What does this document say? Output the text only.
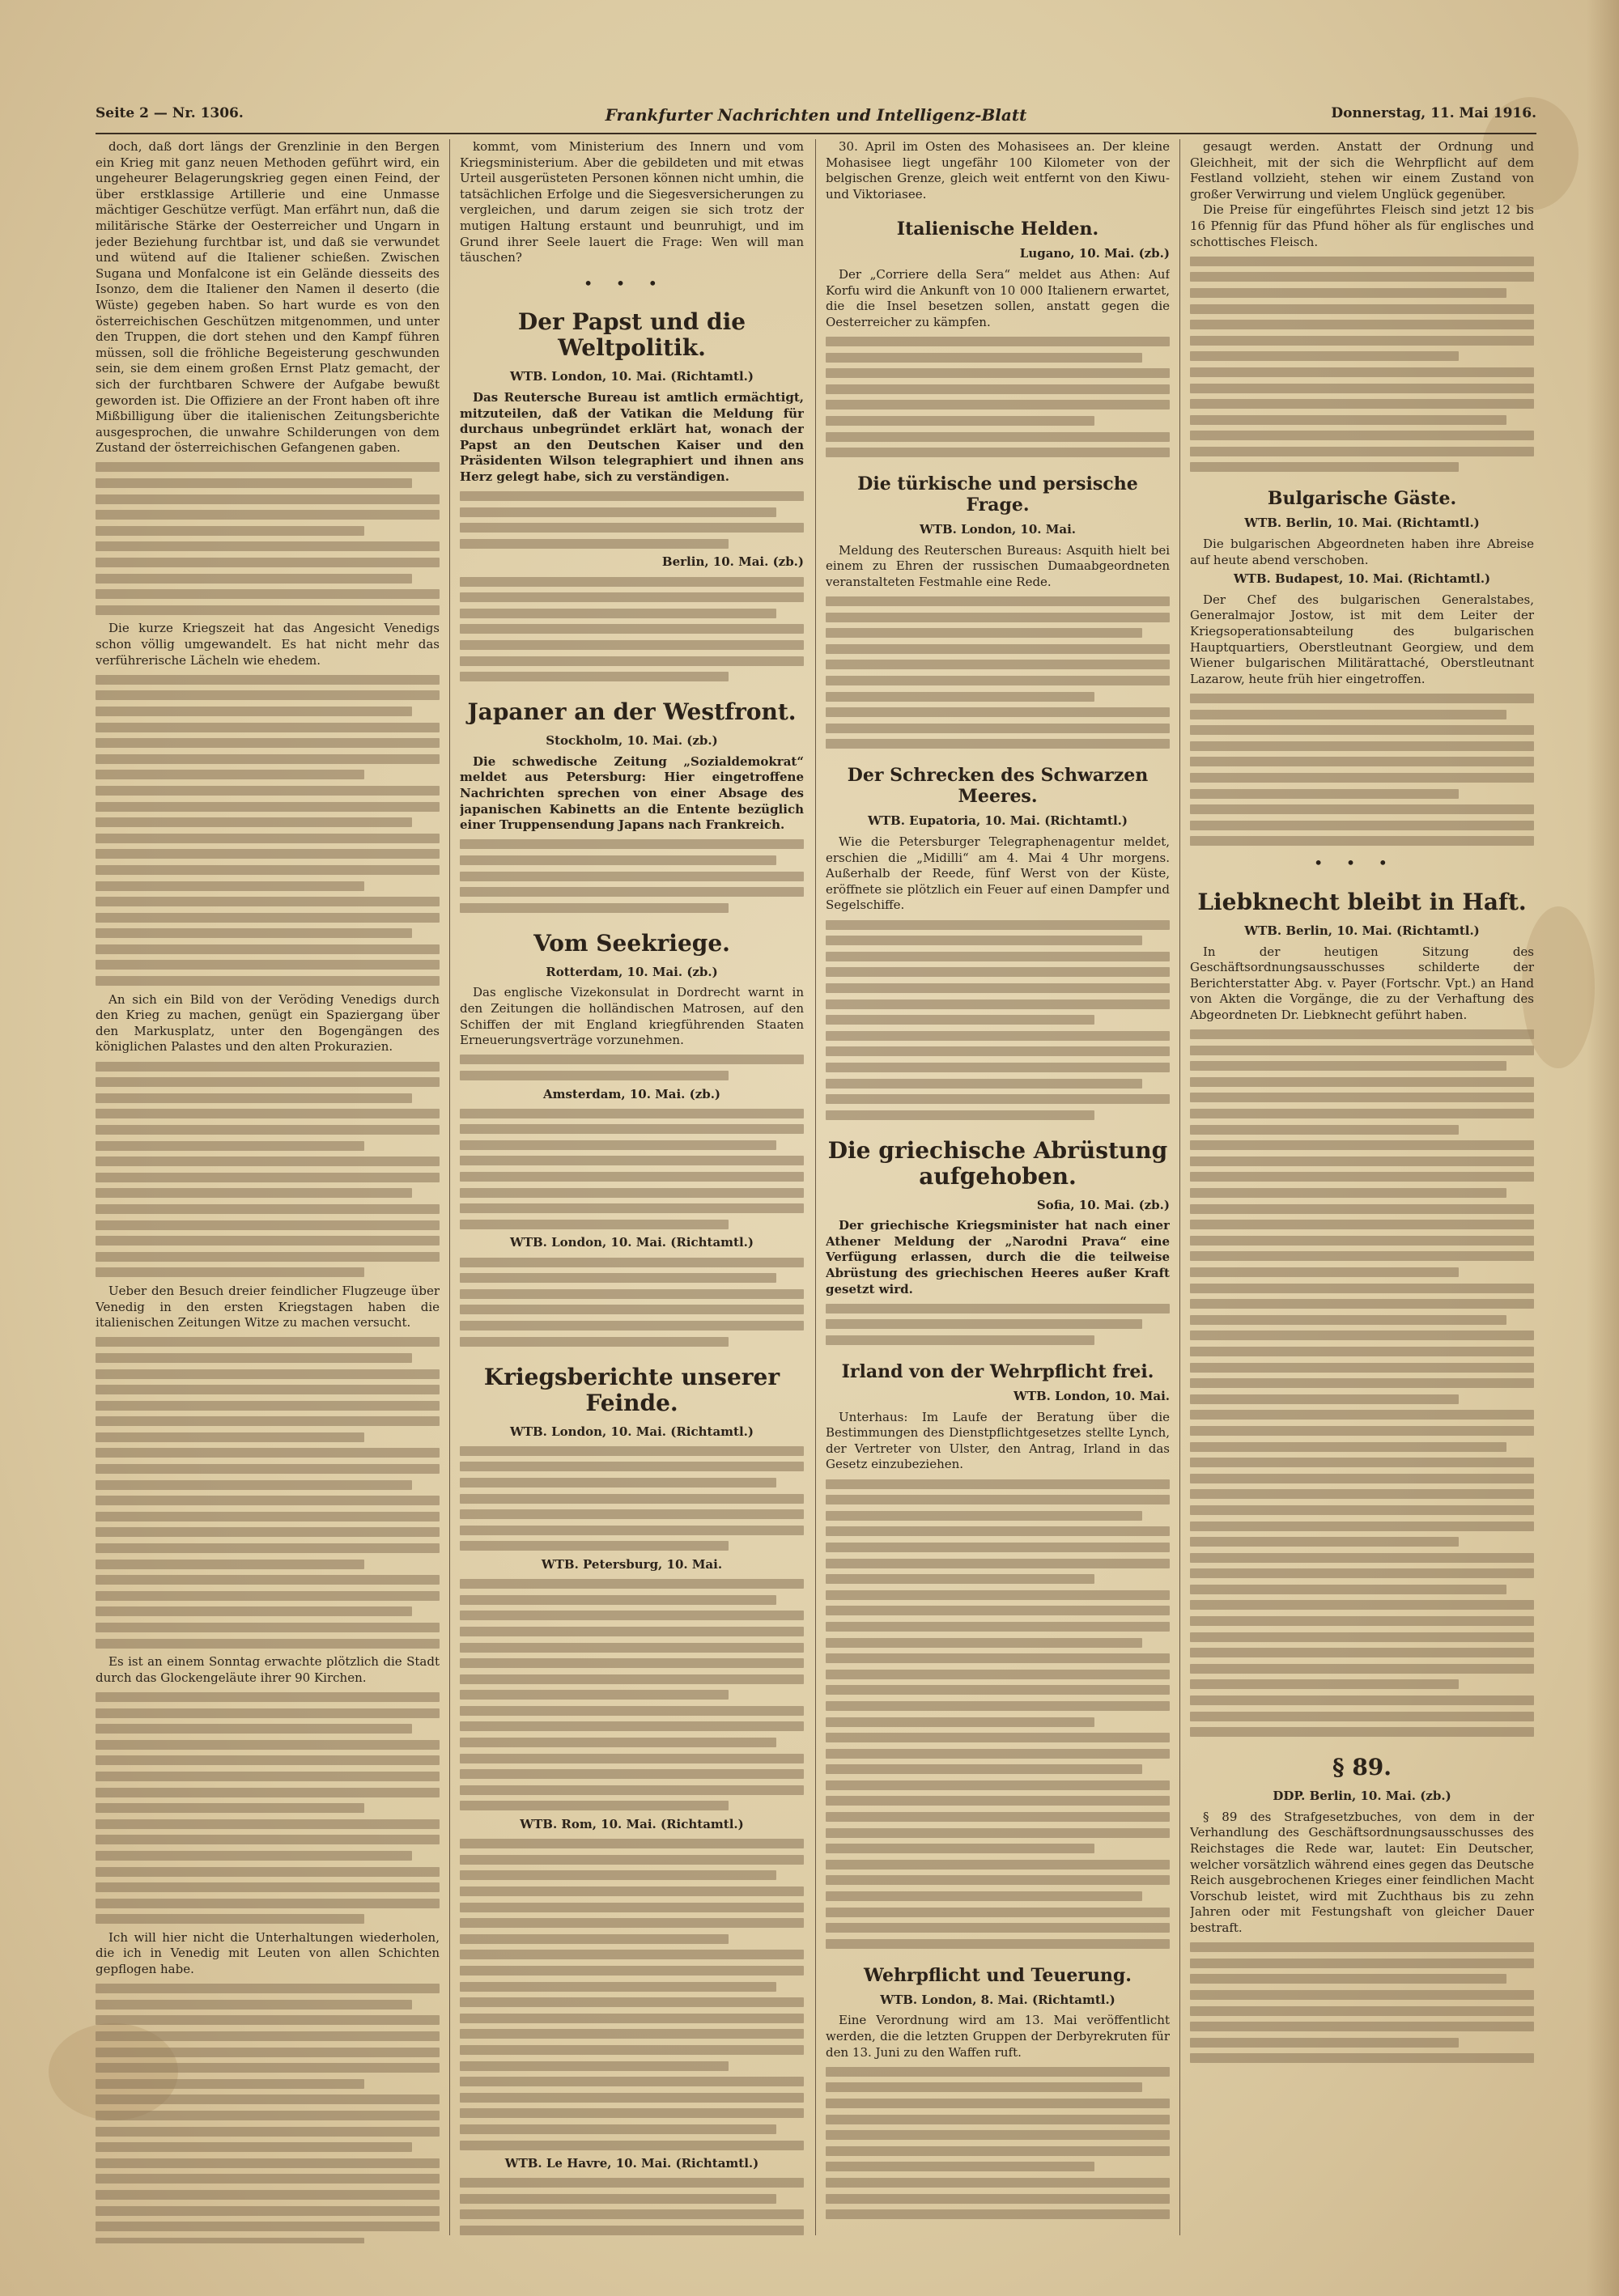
Seite 2 — Nr. 1306.	Frankfurter Nachrichten und Intelligenz-Blatt	Donnerstag, 11. Mai 1916.

doch, daß dort längs der Grenzlinie in den Bergen ein Krieg mit ganz neuen Methoden geführt wird, ein ungeheurer Belagerungskrieg gegen einen Feind, der über erstklassige Artillerie und eine Unmasse mächtiger Geschütze verfügt. Man erfährt nun, daß die militärische Stärke der Oesterreicher und Ungarn in jeder Beziehung furchtbar ist, und daß sie verwundet und wütend auf die Italiener schießen. Zwischen Sugana und Monfalcone ist ein Gelände diesseits des Isonzo, dem die Italiener den Namen il deserto (die Wüste) gegeben haben. So hart wurde es von den österreichischen Geschützen mitgenommen, und unter den Truppen, die dort stehen und den Kampf führen müssen, soll die fröhliche Begeisterung geschwunden sein, sie dem einem großen Ernst Platz gemacht, der sich der furchtbaren Schwere der Aufgabe bewußt geworden ist. Die Offiziere an der Front haben oft ihre Mißbilligung über die italienischen Zeitungsberichte ausgesprochen, die unwahre Schilderungen von dem Zustand der österreichischen Gefangenen gaben.

Die kurze Kriegszeit hat das Angesicht Venedigs schon völlig umgewandelt. Es hat nicht mehr das verführerische Lächeln wie ehedem.

An sich ein Bild von der Veröding Venedigs durch den Krieg zu machen, genügt ein Spaziergang über den Markusplatz, unter den Bogengängen des königlichen Palastes und den alten Prokurazien.

Ueber den Besuch dreier feindlicher Flugzeuge über Venedig in den ersten Kriegstagen haben die italienischen Zeitungen Witze zu machen versucht.

Es ist an einem Sonntag erwachte plötzlich die Stadt durch das Glockengeläute ihrer 90 Kirchen.

Ich will hier nicht die Unterhaltungen wiederholen, die ich in Venedig mit Leuten von allen Schichten gepflogen habe.

kommt, vom Ministerium des Innern und vom Kriegsministerium. Aber die gebildeten und mit etwas Urteil ausgerüsteten Personen können nicht umhin, die tatsächlichen Erfolge und die Siegesversicherungen zu vergleichen, und darum zeigen sie sich trotz der mutigen Haltung erstaunt und beunruhigt, und im Grund ihrer Seele lauert die Frage: Wen will man täuschen?

•••
Der Papst und die Weltpolitik.
WTB. London, 10. Mai. (Richtamtl.)

Das Reutersche Bureau ist amtlich ermächtigt, mitzuteilen, daß der Vatikan die Meldung für durchaus unbegründet erklärt hat, wonach der Papst an den Deutschen Kaiser und den Präsidenten Wilson telegraphiert und ihnen ans Herz gelegt habe, sich zu verständigen.

Berlin, 10. Mai. (zb.)
Japaner an der Westfront.
Stockholm, 10. Mai. (zb.)

Die schwedische Zeitung „Sozialdemokrat“ meldet aus Petersburg: Hier eingetroffene Nachrichten sprechen von einer Absage des japanischen Kabinetts an die Entente bezüglich einer Truppensendung Japans nach Frankreich.

Vom Seekriege.
Rotterdam, 10. Mai. (zb.)

Das englische Vizekonsulat in Dordrecht warnt in den Zeitungen die holländischen Matrosen, auf den Schiffen der mit England kriegführenden Staaten Erneuerungsverträge vorzunehmen.

Amsterdam, 10. Mai. (zb.)
WTB. London, 10. Mai. (Richtamtl.)
Kriegsberichte unserer Feinde.
WTB. London, 10. Mai. (Richtamtl.)
WTB. Petersburg, 10. Mai.
WTB. Rom, 10. Mai. (Richtamtl.)
WTB. Le Havre, 10. Mai. (Richtamtl.)

30. April im Osten des Mohasisees an. Der kleine Mohasisee liegt ungefähr 100 Kilometer von der belgischen Grenze, gleich weit entfernt von den Kiwu- und Viktoriasee.

Italienische Helden.
Lugano, 10. Mai. (zb.)

Der „Corriere della Sera“ meldet aus Athen: Auf Korfu wird die Ankunft von 10 000 Italienern erwartet, die die Insel besetzen sollen, anstatt gegen die Oesterreicher zu kämpfen.

Die türkische und persische Frage.
WTB. London, 10. Mai.

Meldung des Reuterschen Bureaus: Asquith hielt bei einem zu Ehren der russischen Dumaabgeordneten veranstalteten Festmahle eine Rede.

Der Schrecken des Schwarzen Meeres.
WTB. Eupatoria, 10. Mai. (Richtamtl.)

Wie die Petersburger Telegraphenagentur meldet, erschien die „Midilli“ am 4. Mai 4 Uhr morgens. Außerhalb der Reede, fünf Werst von der Küste, eröffnete sie plötzlich ein Feuer auf einen Dampfer und Segelschiffe.

Die griechische Abrüstung aufgehoben.
Sofia, 10. Mai. (zb.)

Der griechische Kriegsminister hat nach einer Athener Meldung der „Narodni Prava“ eine Verfügung erlassen, durch die die teilweise Abrüstung des griechischen Heeres außer Kraft gesetzt wird.

Irland von der Wehrpflicht frei.
WTB. London, 10. Mai.

Unterhaus: Im Laufe der Beratung über die Bestimmungen des Dienstpflichtgesetzes stellte Lynch, der Vertreter von Ulster, den Antrag, Irland in das Gesetz einzubeziehen.

Wehrpflicht und Teuerung.
WTB. London, 8. Mai. (Richtamtl.)

Eine Verordnung wird am 13. Mai veröffentlicht werden, die die letzten Gruppen der Derbyrekruten für den 13. Juni zu den Waffen ruft.

gesaugt werden. Anstatt der Ordnung und Gleichheit, mit der sich die Wehrpflicht auf dem Festland vollzieht, stehen wir einem Zustand von großer Verwirrung und vielem Unglück gegenüber.

Die Preise für eingeführtes Fleisch sind jetzt 12 bis 16 Pfennig für das Pfund höher als für englisches und schottisches Fleisch.

Bulgarische Gäste.
WTB. Berlin, 10. Mai. (Richtamtl.)

Die bulgarischen Abgeordneten haben ihre Abreise auf heute abend verschoben.

WTB. Budapest, 10. Mai. (Richtamtl.)

Der Chef des bulgarischen Generalstabes, Generalmajor Jostow, ist mit dem Leiter der Kriegsoperationsabteilung des bulgarischen Hauptquartiers, Oberstleutnant Georgiew, und dem Wiener bulgarischen Militärattaché, Oberstleutnant Lazarow, heute früh hier eingetroffen.

•••
Liebknecht bleibt in Haft.
WTB. Berlin, 10. Mai. (Richtamtl.)

In der heutigen Sitzung des Geschäftsordnungsausschusses schilderte der Berichterstatter Abg. v. Payer (Fortschr. Vpt.) an Hand von Akten die Vorgänge, die zu der Verhaftung des Abgeordneten Dr. Liebknecht geführt haben.

§ 89.
DDP. Berlin, 10. Mai. (zb.)

§ 89 des Strafgesetzbuches, von dem in der Verhandlung des Geschäftsordnungsausschusses des Reichstages die Rede war, lautet: Ein Deutscher, welcher vorsätzlich während eines gegen das Deutsche Reich ausgebrochenen Krieges einer feindlichen Macht Vorschub leistet, wird mit Zuchthaus bis zu zehn Jahren oder mit Festungshaft von gleicher Dauer bestraft.
